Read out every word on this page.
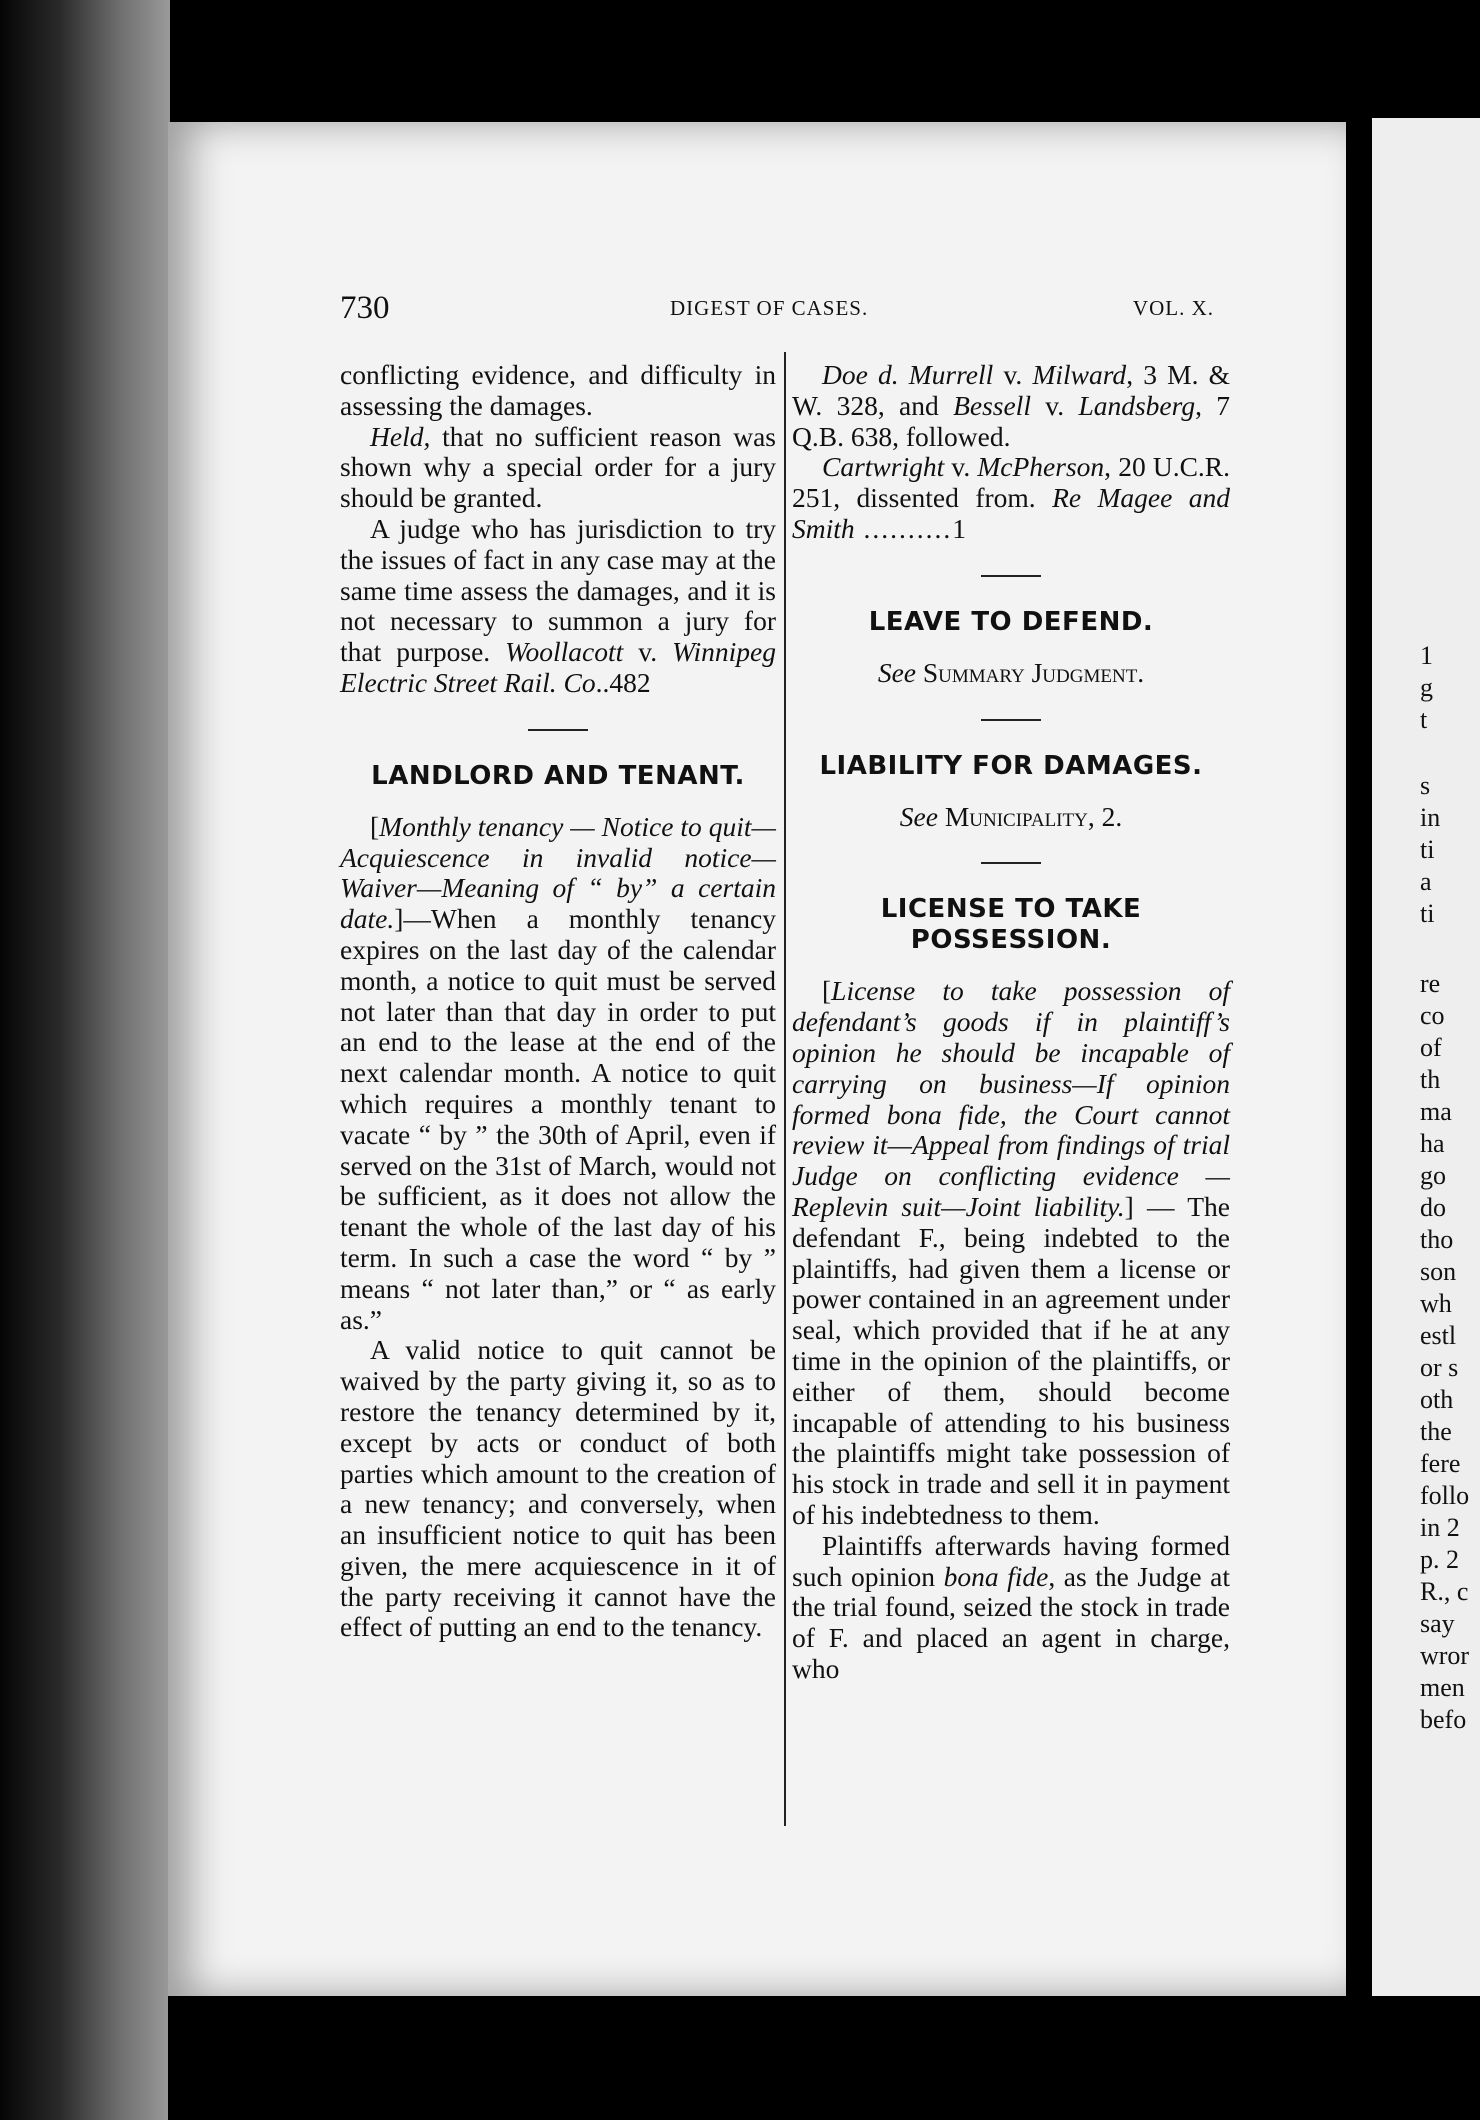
1
g
t
s
in
ti
a
ti
re
co
of
th
ma
ha
go
do
tho
son
wh
estl
or s
oth
the
fere
follo
in 2
p. 2
R., c
say
wror
men
befo
730	DIGEST OF CASES.	VOL. X.

conflicting evidence, and difficulty in assessing the damages.

Held, that no sufficient reason was shown why a special order for a jury should be granted.

A judge who has jurisdiction to try the issues of fact in any case may at the same time assess the damages, and it is not necessary to summon a jury for that purpose. Woollacott v. Winnipeg Electric Street Rail. Co..482

LANDLORD AND TENANT.

[Monthly tenancy — Notice to quit—Acquiescence in invalid notice—Waiver—Meaning of “ by” a certain date.]—When a monthly tenancy expires on the last day of the calendar month, a notice to quit must be served not later than that day in order to put an end to the lease at the end of the next calendar month. A notice to quit which requires a monthly tenant to vacate “ by ” the 30th of April, even if served on the 31st of March, would not be sufficient, as it does not allow the tenant the whole of the last day of his term. In such a case the word “ by ” means “ not later than,” or “ as early as.”

A valid notice to quit cannot be waived by the party giving it, so as to restore the tenancy determined by it, except by acts or conduct of both parties which amount to the creation of a new tenancy; and conversely, when an insufficient notice to quit has been given, the mere acquiescence in it of the party receiving it cannot have the effect of putting an end to the tenancy.

Doe d. Murrell v. Milward, 3 M. & W. 328, and Bessell v. Landsberg, 7 Q.B. 638, followed.

Cartwright v. McPherson, 20 U.C.R. 251, dissented from. Re Magee and Smith ..........1

LEAVE TO DEFEND.

See Summary Judgment.

LIABILITY FOR DAMAGES.

See Municipality, 2.

LICENSE TO TAKE POSSESSION.

[License to take possession of defendant’s goods if in plaintiff’s opinion he should be incapable of carrying on business—If opinion formed bona fide, the Court cannot review it—Appeal from findings of trial Judge on conflicting evidence — Replevin suit—Joint liability.] — The defendant F., being indebted to the plaintiffs, had given them a license or power contained in an agreement under seal, which provided that if he at any time in the opinion of the plaintiffs, or either of them, should become incapable of attending to his business the plaintiffs might take possession of his stock in trade and sell it in payment of his indebtedness to them.

Plaintiffs afterwards having formed such opinion bona fide, as the Judge at the trial found, seized the stock in trade of F. and placed an agent in charge, who
